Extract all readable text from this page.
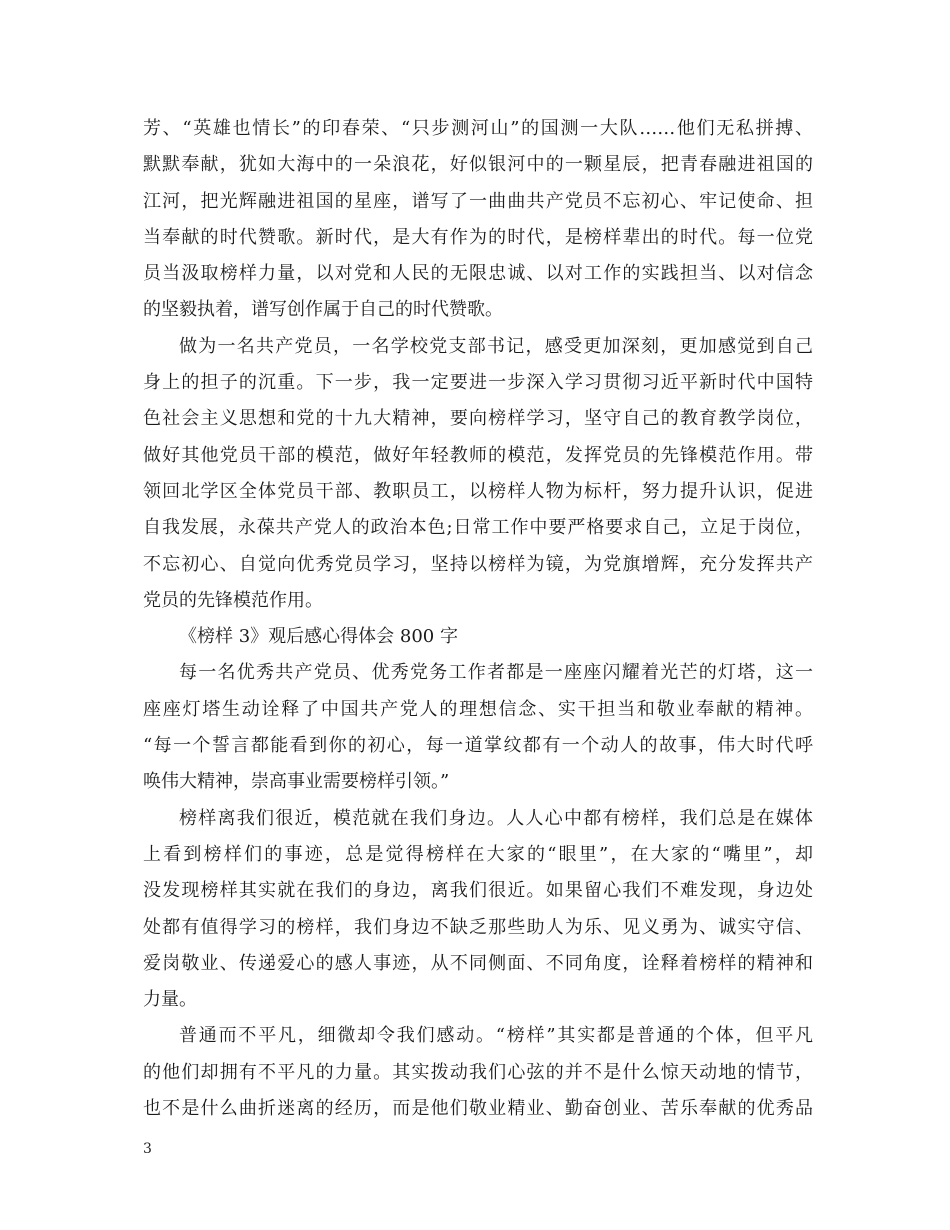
芳、“英雄也情长”的印春荣、“只步测河山”的国测一大队……他们无私拼搏、
默默奉献，犹如大海中的一朵浪花，好似银河中的一颗星辰，把青春融进祖国的
江河，把光辉融进祖国的星座，谱写了一曲曲共产党员不忘初心、牢记使命、担
当奉献的时代赞歌。新时代，是大有作为的时代，是榜样辈出的时代。每一位党
员当汲取榜样力量，以对党和人民的无限忠诚、以对工作的实践担当、以对信念
的坚毅执着，谱写创作属于自己的时代赞歌。
做为一名共产党员，一名学校党支部书记，感受更加深刻，更加感觉到自己
身上的担子的沉重。下一步，我一定要进一步深入学习贯彻习近平新时代中国特
色社会主义思想和党的十九大精神，要向榜样学习，坚守自己的教育教学岗位，
做好其他党员干部的模范，做好年轻教师的模范，发挥党员的先锋模范作用。带
领回北学区全体党员干部、教职员工，以榜样人物为标杆，努力提升认识，促进
自我发展，永葆共产党人的政治本色;日常工作中要严格要求自己，立足于岗位，
不忘初心、自觉向优秀党员学习，坚持以榜样为镜，为党旗增辉，充分发挥共产
党员的先锋模范作用。
《榜样 3》观后感心得体会 800 字
每一名优秀共产党员、优秀党务工作者都是一座座闪耀着光芒的灯塔，这一
座座灯塔生动诠释了中国共产党人的理想信念、实干担当和敬业奉献的精神。
“每一个誓言都能看到你的初心，每一道掌纹都有一个动人的故事，伟大时代呼
唤伟大精神，崇高事业需要榜样引领。”
榜样离我们很近，模范就在我们身边。人人心中都有榜样，我们总是在媒体
上看到榜样们的事迹，总是觉得榜样在大家的“眼里”，在大家的“嘴里”，却
没发现榜样其实就在我们的身边，离我们很近。如果留心我们不难发现，身边处
处都有值得学习的榜样，我们身边不缺乏那些助人为乐、见义勇为、诚实守信、
爱岗敬业、传递爱心的感人事迹，从不同侧面、不同角度，诠释着榜样的精神和
力量。
普通而不平凡，细微却令我们感动。“榜样”其实都是普通的个体，但平凡
的他们却拥有不平凡的力量。其实拨动我们心弦的并不是什么惊天动地的情节，
也不是什么曲折迷离的经历，而是他们敬业精业、勤奋创业、苦乐奉献的优秀品
3
